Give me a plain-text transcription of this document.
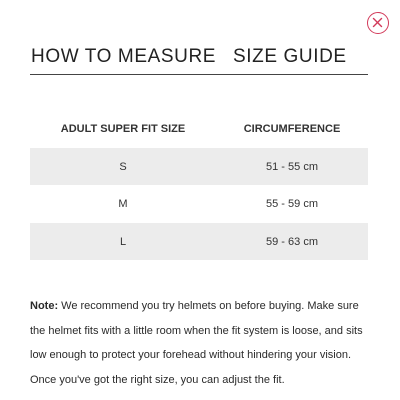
HOW TO MEASURE SIZE GUIDE
ADULT SUPER FIT SIZE	CIRCUMFERENCE
S	51 - 55 cm
M	55 - 59 cm
L	59 - 63 cm

Note: We recommend you try helmets on before buying. Make sure the helmet fits with a little room when the fit system is loose, and sits low enough to protect your forehead without hindering your vision. Once you've got the right size, you can adjust the fit.
